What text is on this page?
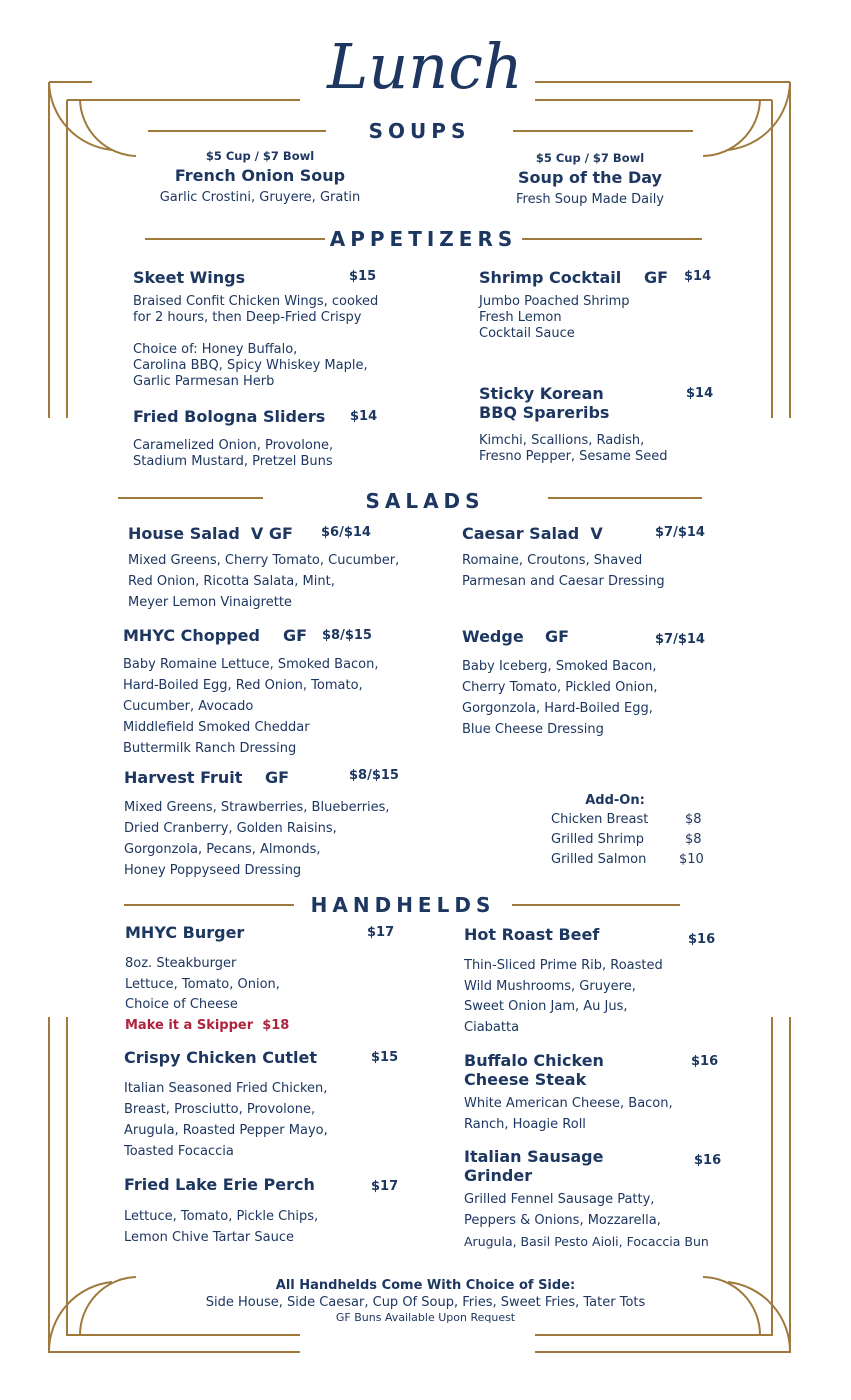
Lunch
SOUPS
$5 Cup / $7 Bowl
French Onion Soup
Garlic Crostini, Gruyere, Gratin
$5 Cup / $7 Bowl
Soup of the Day
Fresh Soup Made Daily
APPETIZERS
Skeet Wings	$15
Braised Confit Chicken Wings, cooked
for 2 hours, then Deep-Fried Crispy
Choice of: Honey Buffalo,
Carolina BBQ, Spicy Whiskey Maple,
Garlic Parmesan Herb
Fried Bologna Sliders $14
Caramelized Onion, Provolone,
Stadium Mustard, Pretzel Buns
Shrimp Cocktail GF $14
Jumbo Poached Shrimp
Fresh Lemon
Cocktail Sauce
Sticky Korean
BBQ Spareribs
$14
Kimchi, Scallions, Radish,
Fresno Pepper, Sesame Seed
SALADS
House Salad  V GF $6/$14
Mixed Greens, Cherry Tomato, Cucumber,
Red Onion, Ricotta Salata, Mint,
Meyer Lemon Vinaigrette
Caesar Salad  V	$7/$14
Romaine, Croutons, Shaved
Parmesan and Caesar Dressing
MHYC Chopped GF $8/$15
Baby Romaine Lettuce, Smoked Bacon,
Hard-Boiled Egg, Red Onion, Tomato,
Cucumber, Avocado
Middlefield Smoked Cheddar
Buttermilk Ranch Dressing
Wedge GF	$7/$14
Baby Iceberg, Smoked Bacon,
Cherry Tomato, Pickled Onion,
Gorgonzola, Hard-Boiled Egg,
Blue Cheese Dressing
Harvest Fruit GF	$8/$15
Mixed Greens, Strawberries, Blueberries,
Dried Cranberry, Golden Raisins,
Gorgonzola, Pecans, Almonds,
Honey Poppyseed Dressing
Add-On:
Chicken Breast	$8
Grilled Shrimp	$8
Grilled Salmon	$10
HANDHELDS
MHYC Burger	$17
8oz. Steakburger
Lettuce, Tomato, Onion,
Choice of Cheese
Make it a Skipper  $18
Crispy Chicken Cutlet	$15
Italian Seasoned Fried Chicken,
Breast, Prosciutto, Provolone,
Arugula, Roasted Pepper Mayo,
Toasted Focaccia
Fried Lake Erie Perch	$17
Lettuce, Tomato, Pickle Chips,
Lemon Chive Tartar Sauce
Hot Roast Beef	$16
Thin-Sliced Prime Rib, Roasted
Wild Mushrooms, Gruyere,
Sweet Onion Jam, Au Jus,
Ciabatta
Buffalo Chicken
Cheese Steak
$16
White American Cheese, Bacon,
Ranch, Hoagie Roll
Italian Sausage
Grinder
$16
Grilled Fennel Sausage Patty,
Peppers & Onions, Mozzarella,
Arugula, Basil Pesto Aioli, Focaccia Bun
All Handhelds Come With Choice of Side:
Side House, Side Caesar, Cup Of Soup, Fries, Sweet Fries, Tater Tots
GF Buns Available Upon Request
